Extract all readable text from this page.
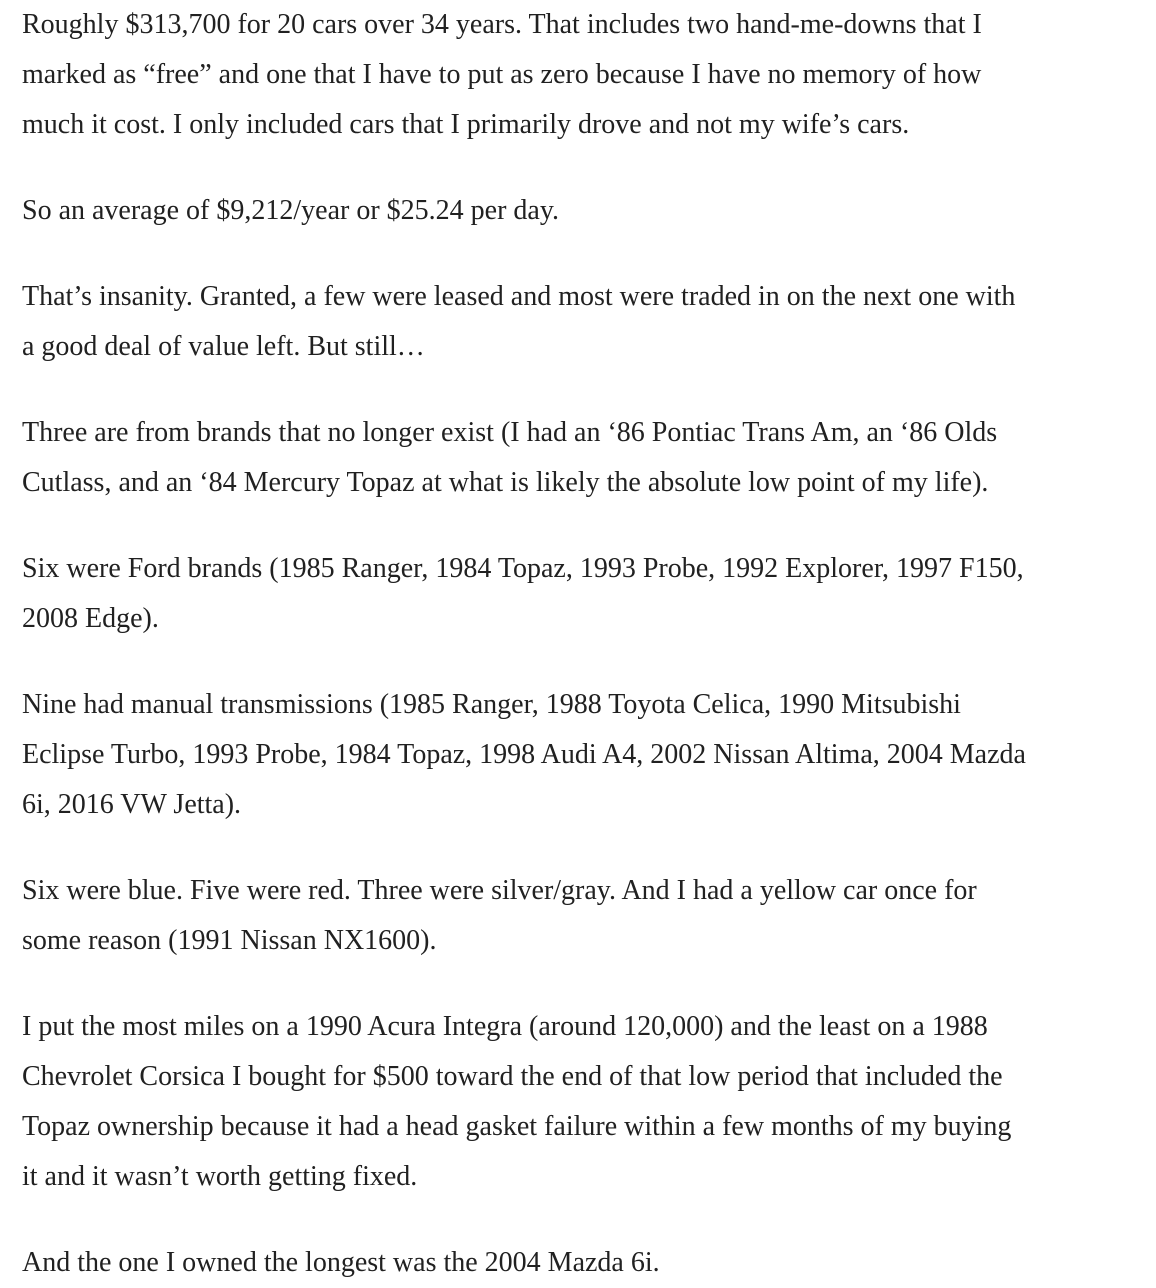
Roughly $313,700 for 20 cars over 34 years. That includes two hand-me-downs that I
marked as “free” and one that I have to put as zero because I have no memory of how
much it cost. I only included cars that I primarily drove and not my wife’s cars.

So an average of $9,212/year or $25.24 per day.

That’s insanity. Granted, a few were leased and most were traded in on the next one with
a good deal of value left. But still…

Three are from brands that no longer exist (I had an ‘86 Pontiac Trans Am, an ‘86 Olds
Cutlass, and an ‘84 Mercury Topaz at what is likely the absolute low point of my life).

Six were Ford brands (1985 Ranger, 1984 Topaz, 1993 Probe, 1992 Explorer, 1997 F150,
2008 Edge).

Nine had manual transmissions (1985 Ranger, 1988 Toyota Celica, 1990 Mitsubishi
Eclipse Turbo, 1993 Probe, 1984 Topaz, 1998 Audi A4, 2002 Nissan Altima, 2004 Mazda
6i, 2016 VW Jetta).

Six were blue. Five were red. Three were silver/gray. And I had a yellow car once for
some reason (1991 Nissan NX1600).

I put the most miles on a 1990 Acura Integra (around 120,000) and the least on a 1988
Chevrolet Corsica I bought for $500 toward the end of that low period that included the
Topaz ownership because it had a head gasket failure within a few months of my buying
it and it wasn’t worth getting fixed.

And the one I owned the longest was the 2004 Mazda 6i.
